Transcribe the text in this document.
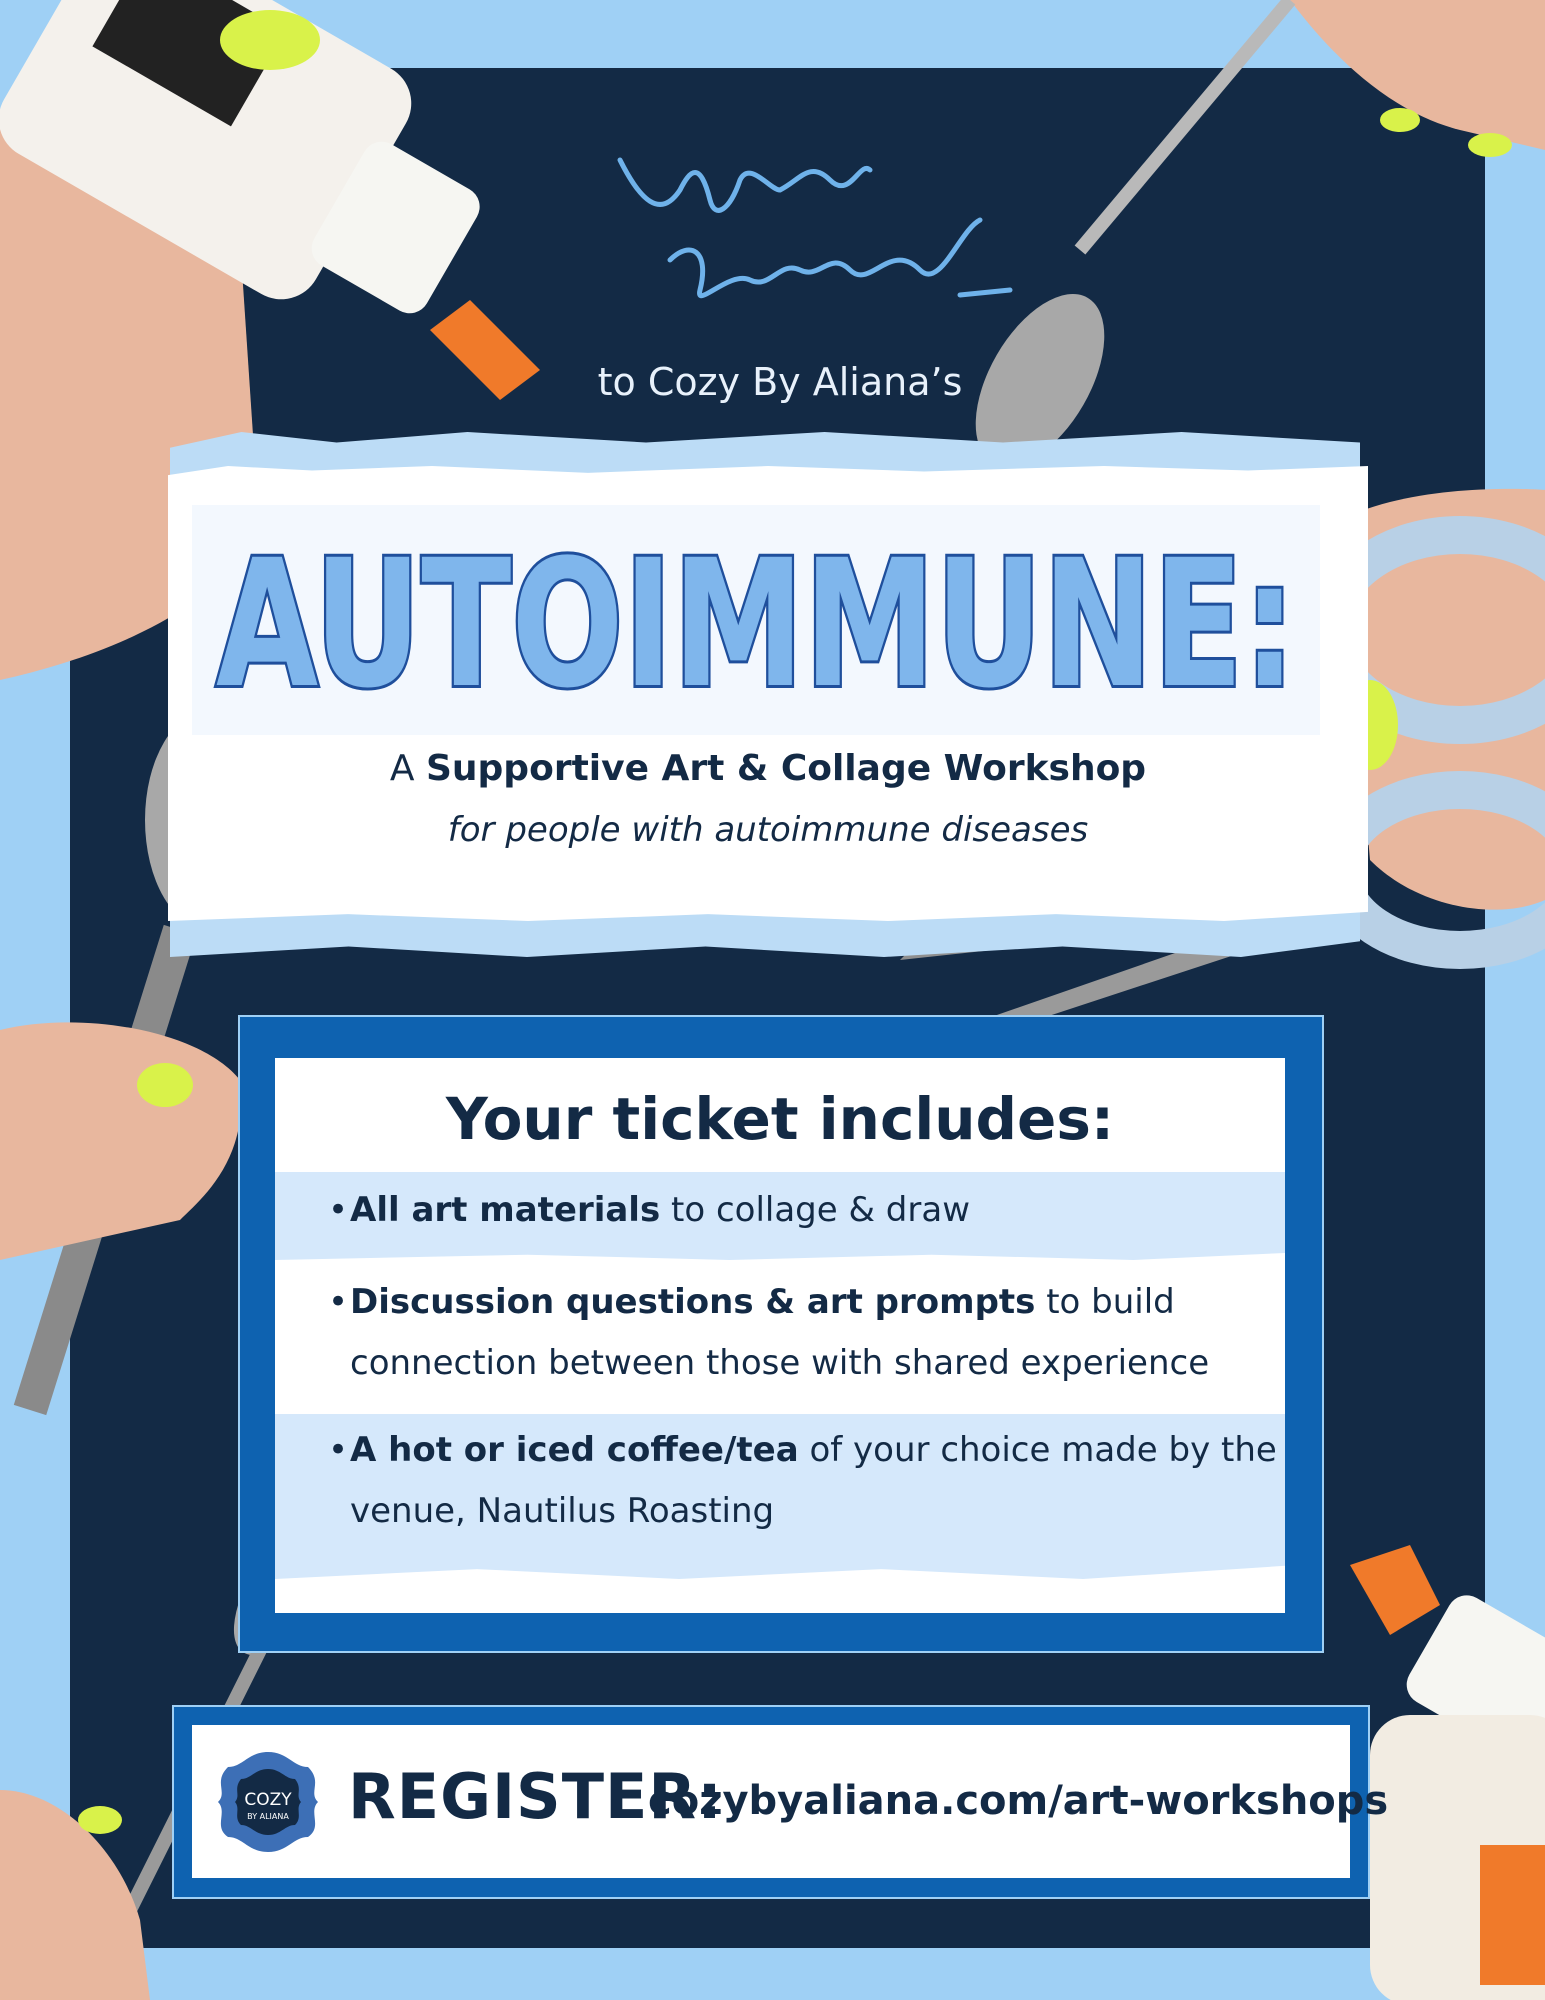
You're Invited!
to Cozy By Aliana’s
AUTOIMMUNE:
A Supportive Art & Collage Workshop
for people with autoimmune diseases
Your ticket includes:
• All art materials to collage & draw
• Discussion questions & art prompts to build connection between those with shared experience
• A hot or iced coffee/tea of your choice made by the venue, Nautilus Roasting
COZY
BY ALIANA REGISTER:
cozybyaliana.com/art-workshops
